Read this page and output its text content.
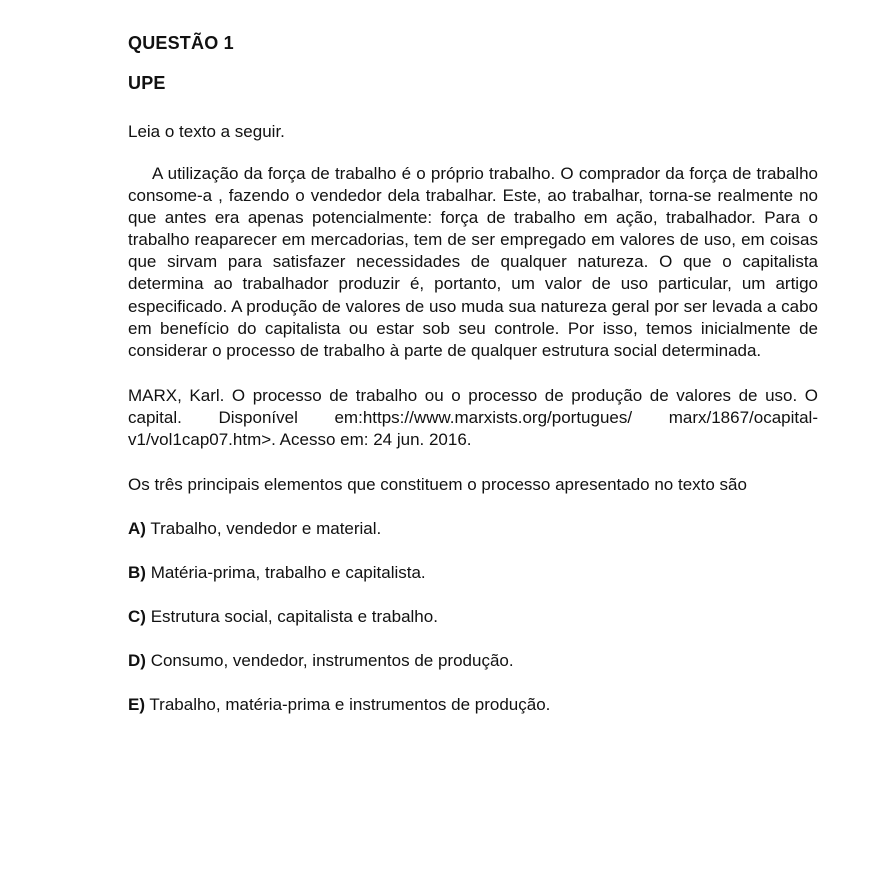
QUESTÃO 1
UPE

Leia o texto a seguir.

A utilização da força de trabalho é o próprio trabalho. O comprador da força de trabalho consome-a , fazendo o vendedor dela trabalhar. Este, ao trabalhar, torna-se realmente no que antes era apenas potencialmente: força de trabalho em ação, trabalhador. Para o trabalho reaparecer em mercadorias, tem de ser empregado em valores de uso, em coisas que sirvam para satisfazer necessidades de qualquer natureza. O que o capitalista determina ao trabalhador produzir é, portanto, um valor de uso particular, um artigo especificado. A produção de valores de uso muda sua natureza geral por ser levada a cabo em benefício do capitalista ou estar sob seu controle. Por isso, temos inicialmente de considerar o processo de trabalho à parte de qualquer estrutura social determinada.

MARX, Karl. O processo de trabalho ou o processo de produção de valores de uso. O capital. Disponível em:https://www.marxists.org/portugues/ marx/1867/ocapital-v1/vol1cap07.htm>. Acesso em: 24 jun. 2016.

Os três principais elementos que constituem o processo apresentado no texto são

A) Trabalho, vendedor e material.

B) Matéria-prima, trabalho e capitalista.

C) Estrutura social, capitalista e trabalho.

D) Consumo, vendedor, instrumentos de produção.

E) Trabalho, matéria-prima e instrumentos de produção.
